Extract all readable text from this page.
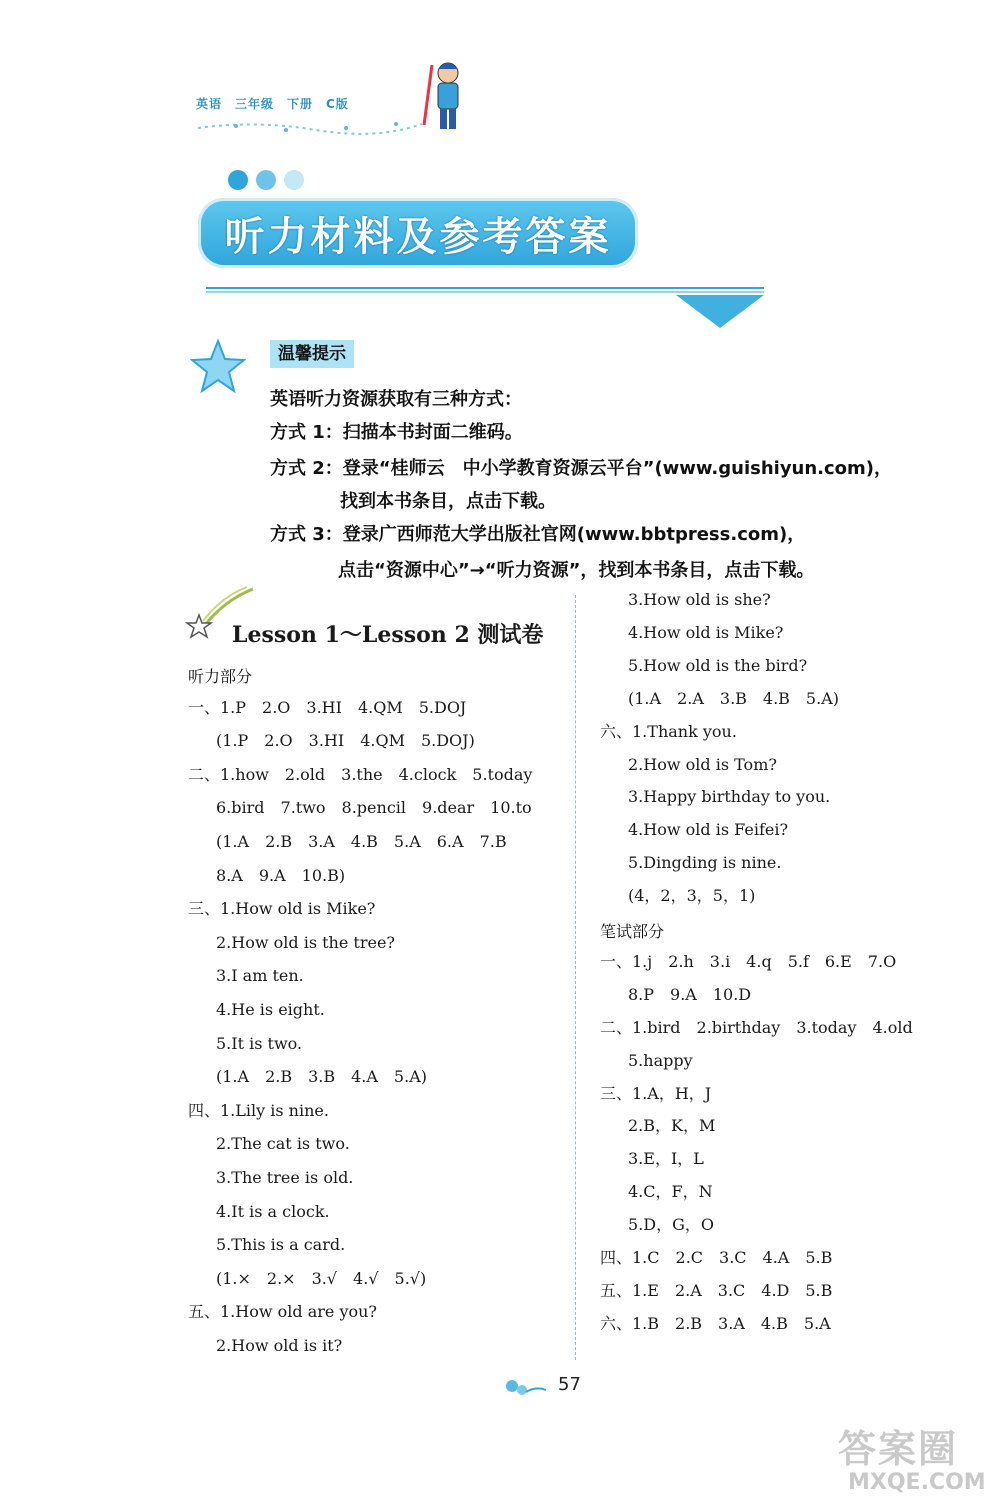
英语　三年级　下册　C版
听力材料及参考答案
温馨提示
英语听力资源获取有三种方式：
方式 1：扫描本书封面二维码。
方式 2：登录“桂师云　中小学教育资源云平台”(www.guishiyun.com)，
找到本书条目，点击下载。
方式 3：登录广西师范大学出版社官网(www.bbtpress.com)，
点击“资源中心”→“听力资源”，找到本书条目，点击下载。
Lesson 1～Lesson 2 测试卷
听力部分
一、1.P　2.O　3.HI　4.QM　5.DOJ
(1.P　2.O　3.HI　4.QM　5.DOJ)
二、1.how　2.old　3.the　4.clock　5.today
6.bird　7.two　8.pencil　9.dear　10.to
(1.A　2.B　3.A　4.B　5.A　6.A　7.B
8.A　9.A　10.B)
三、1.How old is Mike?
2.How old is the tree?
3.I am ten.
4.He is eight.
5.It is two.
(1.A　2.B　3.B　4.A　5.A)
四、1.Lily is nine.
2.The cat is two.
3.The tree is old.
4.It is a clock.
5.This is a card.
(1.×　2.×　3.√　4.√　5.√)
五、1.How old are you?
2.How old is it?
3.How old is she?
4.How old is Mike?
5.How old is the bird?
(1.A　2.A　3.B　4.B　5.A)
六、1.Thank you.
2.How old is Tom?
3.Happy birthday to you.
4.How old is Feifei?
5.Dingding is nine.
(4，2，3，5，1)
笔试部分
一、1.j　2.h　3.i　4.q　5.f　6.E　7.O
8.P　9.A　10.D
二、1.bird　2.birthday　3.today　4.old
5.happy
三、1.A，H，J
2.B，K，M
3.E，I，L
4.C，F，N
5.D，G，O
四、1.C　2.C　3.C　4.A　5.B
五、1.E　2.A　3.C　4.D　5.B
六、1.B　2.B　3.A　4.B　5.A
57
答案圈
MXQE.COM
